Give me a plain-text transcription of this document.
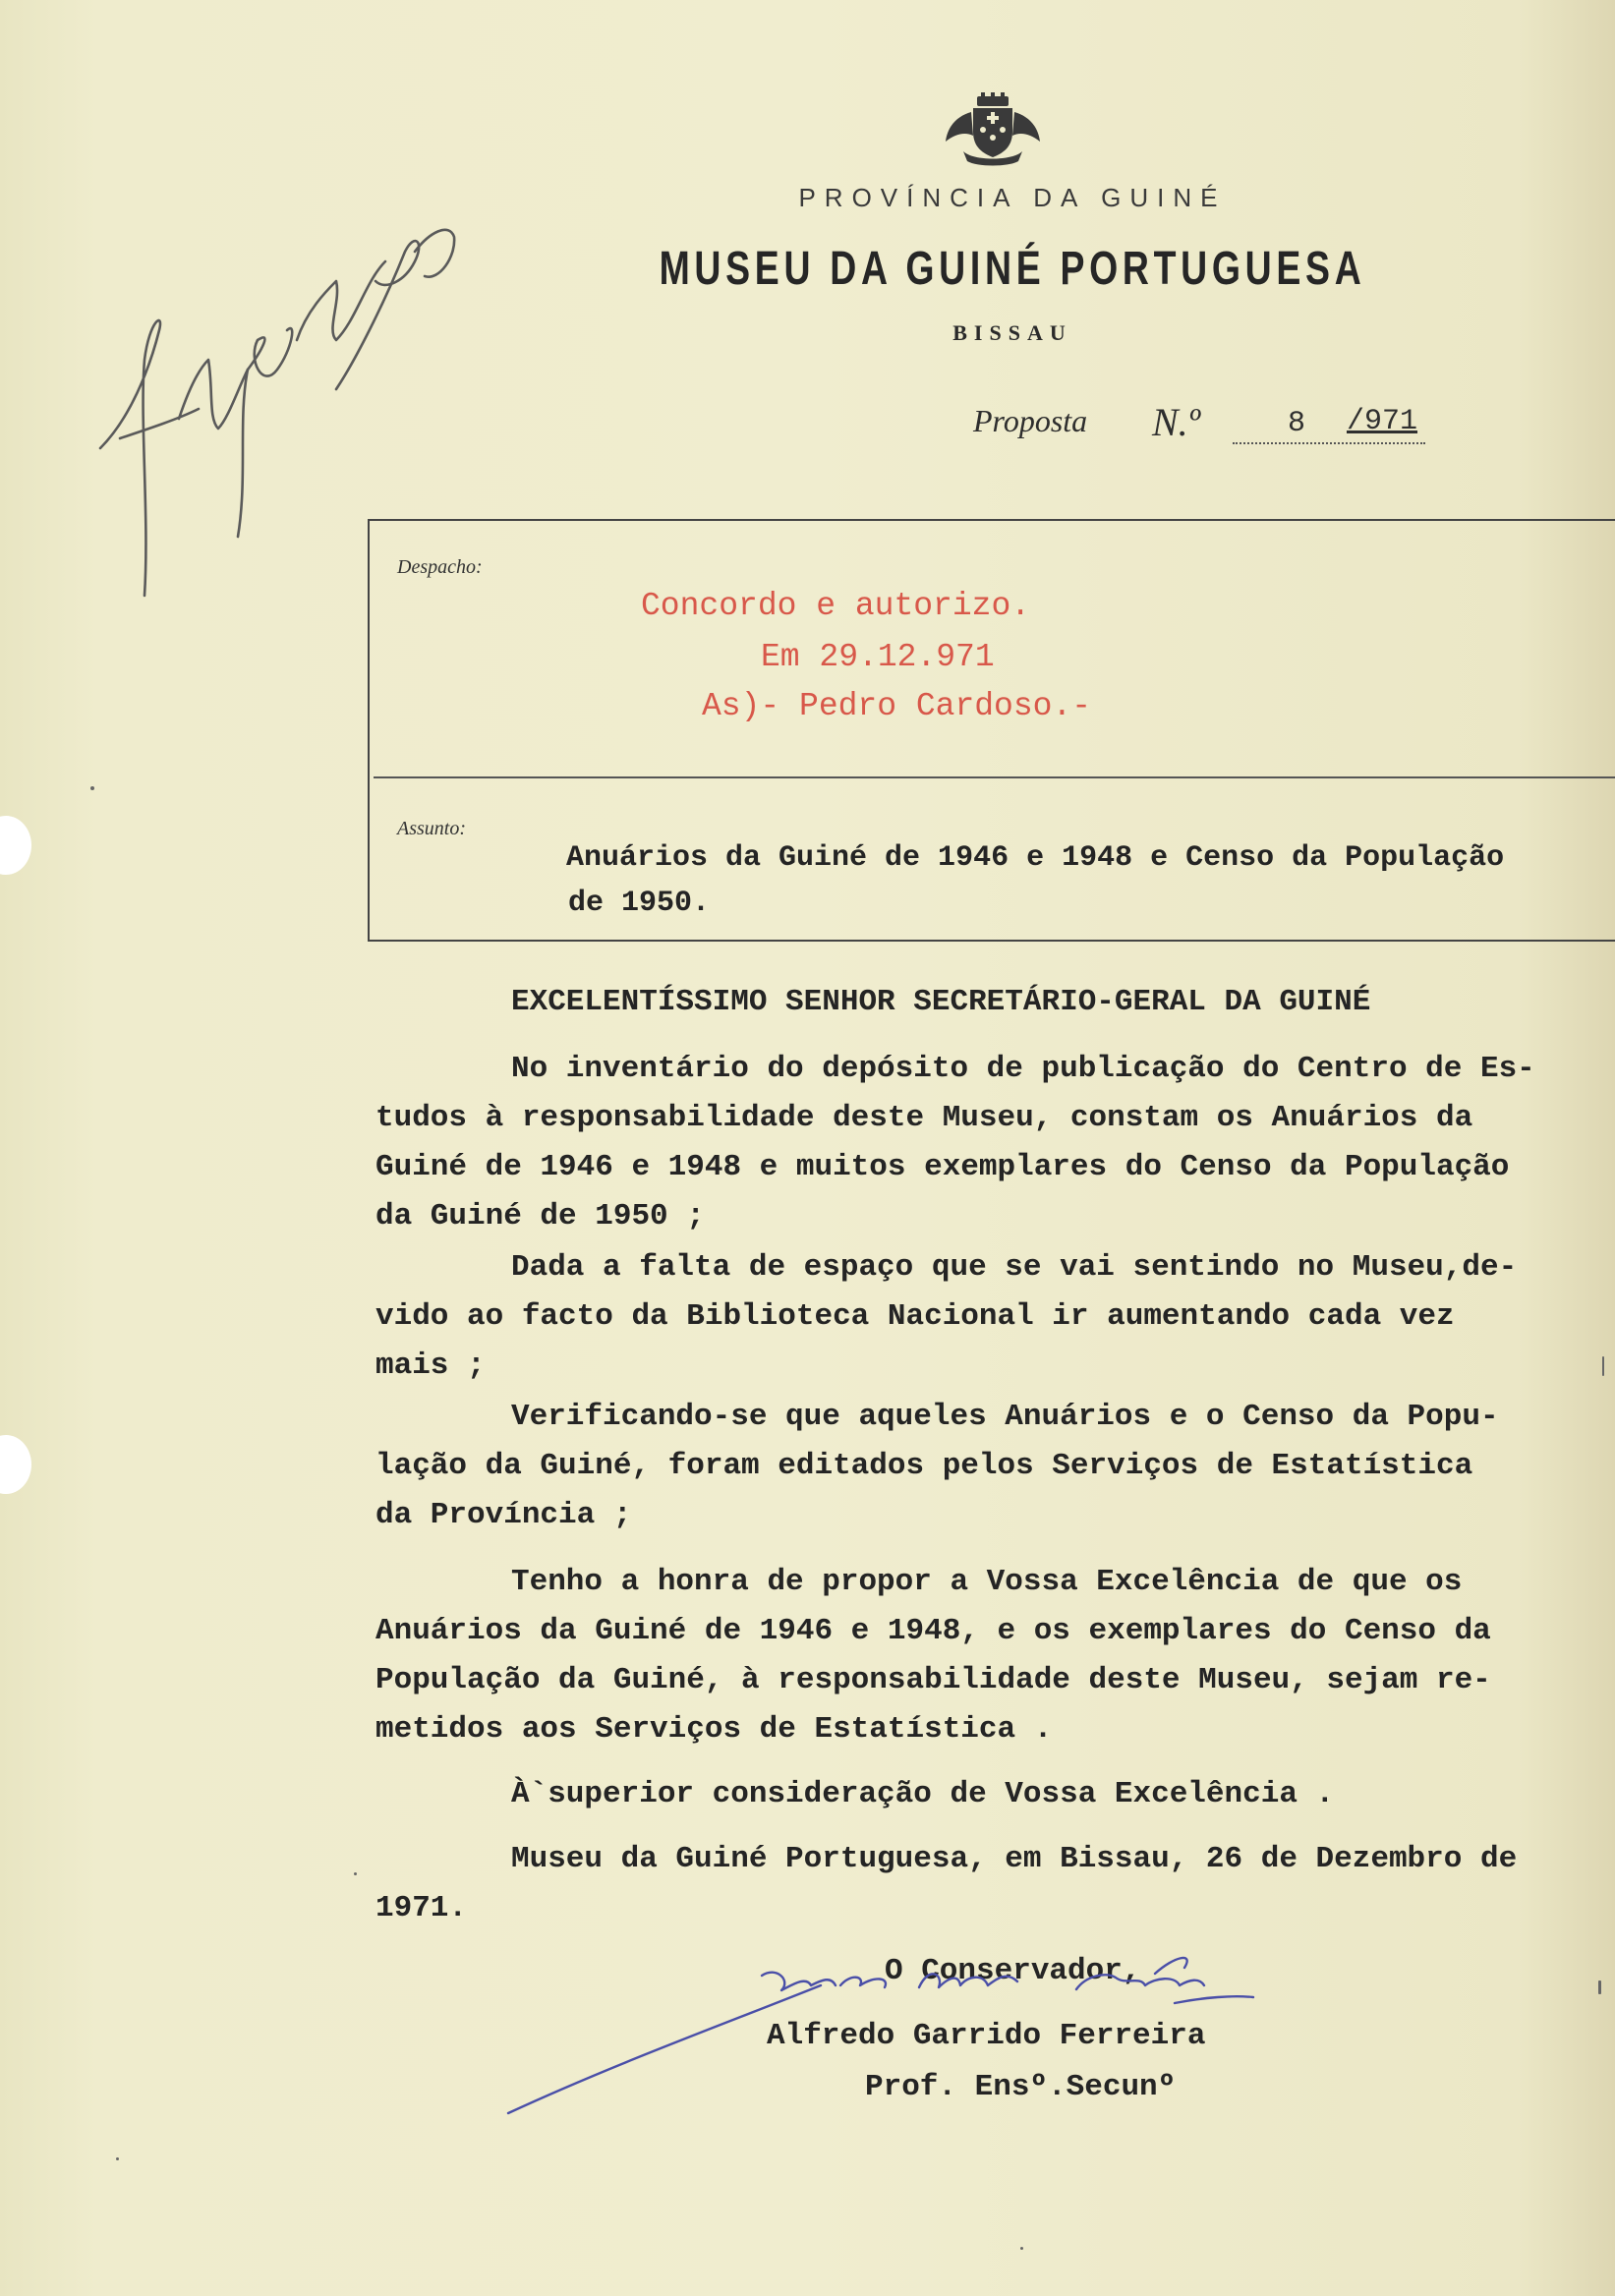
PROVÍNCIA DA GUINÉ
MUSEU DA GUINÉ PORTUGUESA
BISSAU
Proposta N.º	8 /971
Despacho:
Concordo e autorizo.
Em 29.12.971
As)- Pedro Cardoso.-
Assunto:
Anuários da Guiné de 1946 e 1948 e Censo da População
de 1950.
EXCELENTÍSSIMO SENHOR SECRETÁRIO-GERAL DA GUINÉ
No inventário do depósito de publicação do Centro de Es-
tudos à responsabilidade deste Museu, constam os Anuários da
Guiné de 1946 e 1948 e muitos exemplares do Censo da População
da Guiné de 1950 ;
Dada a falta de espaço que se vai sentindo no Museu,de-
vido ao facto da Biblioteca Nacional ir aumentando cada vez
mais ;
Verificando-se que aqueles Anuários e o Censo da Popu-
lação da Guiné, foram editados pelos Serviços de Estatística
da Província ;
Tenho a honra de propor a Vossa Excelência de que os
Anuários da Guiné de 1946 e 1948, e os exemplares do Censo da
População da Guiné, à responsabilidade deste Museu, sejam re-
metidos aos Serviços de Estatística .
À`superior consideração de Vossa Excelência .
Museu da Guiné Portuguesa, em Bissau, 26 de Dezembro de
1971.
O Conservador,
Alfredo Garrido Ferreira
Prof. Ensº.Secunº
